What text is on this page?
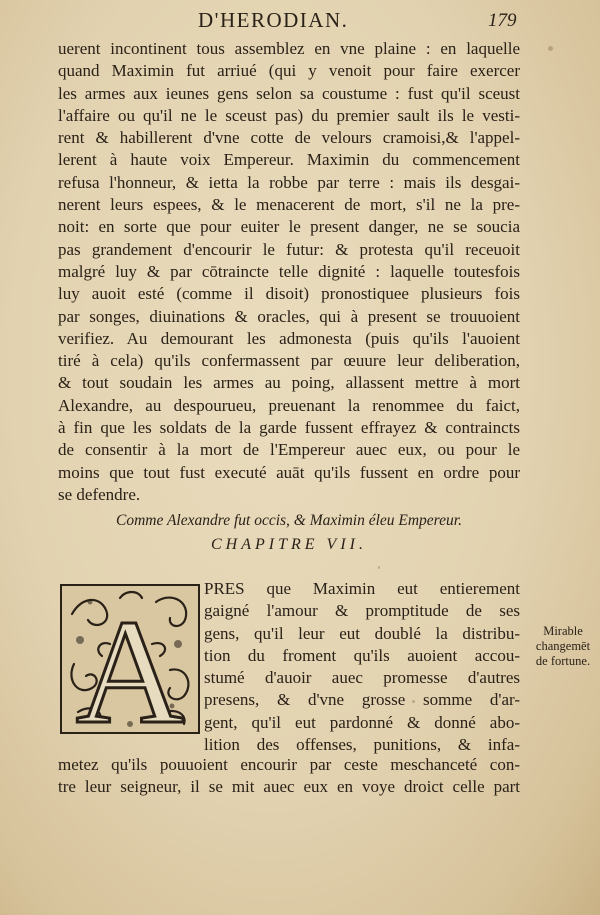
D'HERODIAN.	179
uerent incontinent tous assemblez en vne plaine : en laquelle
quand Maximin fut arriué (qui y venoit pour faire exercer
les armes aux ieunes gens selon sa coustume : fust qu'il sceust
l'affaire ou qu'il ne le sceust pas) du premier sault ils le vesti-
rent & habillerent d'vne cotte de velours cramoisi,& l'appel-
lerent à haute voix Empereur. Maximin du commencement
refusa l'honneur, & ietta la robbe par terre : mais ils desgai-
nerent leurs espees, & le menacerent de mort, s'il ne la pre-
noit: en sorte que pour euiter le present danger, ne se soucia
pas grandement d'encourir le futur: & protesta qu'il receuoit
malgré luy & par cōtraincte telle dignité : laquelle toutesfois
luy auoit esté (comme il disoit) pronostiquee plusieurs fois
par songes, diuinations & oracles, qui à present se trouuoient
verifiez. Au demourant les admonesta (puis qu'ils l'auoient
tiré à cela) qu'ils confermassent par œuure leur deliberation,
& tout soudain les armes au poing, allassent mettre à mort
Alexandre, au despourueu, preuenant la renommee du faict,
à fin que les soldats de la garde fussent effrayez & contraincts
de consentir à la mort de l'Empereur auec eux, ou pour le
moins que tout fust executé auāt qu'ils fussent en ordre pour
se defendre.
Comme Alexandre fut occis, & Maximin éleu Empereur.
CHAPITRE VII.
A
PRES que Maximin eut entierement
gaigné l'amour & promptitude de ses
gens, qu'il leur eut doublé la distribu-
tion du froment qu'ils auoient accou-
stumé d'auoir auec promesse d'autres
presens, & d'vne grosse somme d'ar-
gent, qu'il eut pardonné & donné abo-
lition des offenses, punitions, & infa-
metez qu'ils pouuoient encourir par ceste meschanceté con-
tre leur seigneur, il se mit auec eux en voye droict celle part
Mirable
changemēt
de fortune.
